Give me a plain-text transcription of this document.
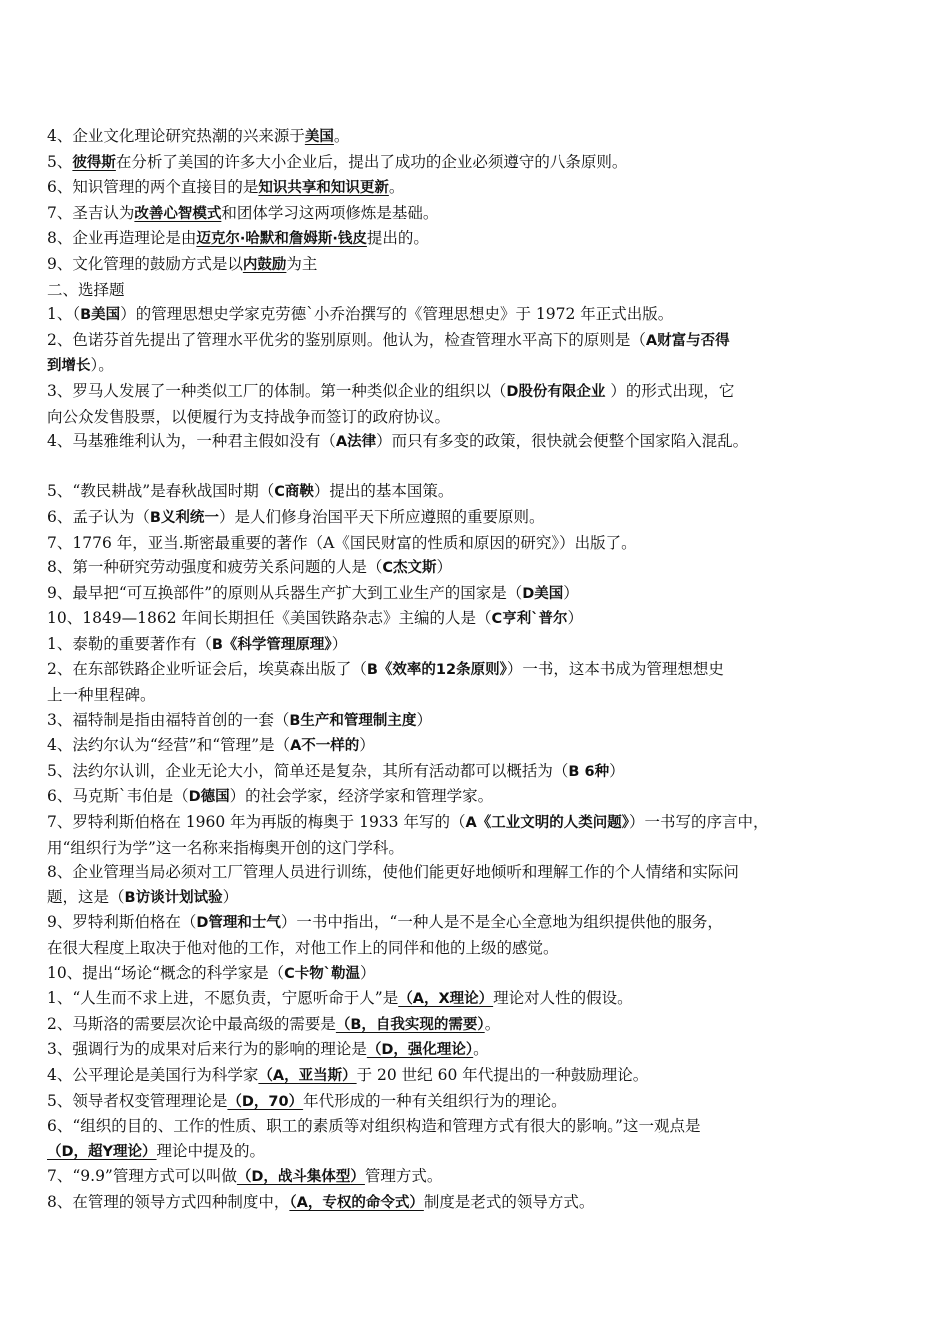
4、企业文化理论研究热潮的兴来源于美国。
5、彼得斯在分析了美国的许多大小企业后，提出了成功的企业必须遵守的八条原则。
6、知识管理的两个直接目的是知识共享和知识更新。
7、圣吉认为改善心智模式和团体学习这两项修炼是基础。
8、企业再造理论是由迈克尔·哈默和詹姆斯·钱皮提出的。
9、文化管理的鼓励方式是以内鼓励为主
二、选择题
1、（B美国）的管理思想史学家克劳德`小乔治撰写的《管理思想史》于 1972 年正式出版。
2、色诺芬首先提出了管理水平优劣的鉴别原则。他认为，检查管理水平高下的原则是（A财富与否得
到增长）。
3、罗马人发展了一种类似工厂的体制。第一种类似企业的组织以（D股份有限企业 ）的形式出现，它
向公众发售股票，以便履行为支持战争而签订的政府协议。
4、马基雅维利认为，一种君主假如没有（A法律）而只有多变的政策，很快就会便整个国家陷入混乱。
5、“教民耕战”是春秋战国时期（C商鞅）提出的基本国策。
6、孟子认为（B义利统一）是人们修身治国平天下所应遵照的重要原则。
7、1776 年，亚当.斯密最重要的著作（A《国民财富的性质和原因的研究》）出版了。
8、第一种研究劳动强度和疲劳关系问题的人是（C杰文斯）
9、最早把“可互换部件”的原则从兵器生产扩大到工业生产的国家是（D美国）
10、1849—1862 年间长期担任《美国铁路杂志》主编的人是（C亨利`普尔）
1、泰勒的重要著作有（B《科学管理原理》）
2、在东部铁路企业听证会后，埃莫森出版了（B《效率的12条原则》）一书，这本书成为管理想想史
上一种里程碑。
3、福特制是指由福特首创的一套（B生产和管理制主度）
4、法约尔认为“经营”和“管理”是（A不一样的）
5、法约尔认训，企业无论大小，简单还是复杂，其所有活动都可以概括为（B 6种）
6、马克斯`韦伯是（D德国）的社会学家，经济学家和管理学家。
7、罗特利斯伯格在 1960 年为再版的梅奥于 1933 年写的（A《工业文明的人类问题》）一书写的序言中，
用“组织行为学”这一名称来指梅奥开创的这门学科。
8、企业管理当局必须对工厂管理人员进行训练，使他们能更好地倾听和理解工作的个人情绪和实际问
题，这是（B访谈计划试验）
9、罗特利斯伯格在（D管理和士气）一书中指出，“一种人是不是全心全意地为组织提供他的服务，
在很大程度上取决于他对他的工作，对他工作上的同伴和他的上级的感觉。
10、提出“场论“概念的科学家是（C卡物`勒温）
1、“人生而不求上进，不愿负责，宁愿听命于人”是（A，X理论）理论对人性的假设。
2、马斯洛的需要层次论中最高级的需要是（B，自我实现的需要）。
3、强调行为的成果对后来行为的影响的理论是（D，强化理论）。
4、公平理论是美国行为科学家（A，亚当斯）于 20 世纪 60 年代提出的一种鼓励理论。
5、领导者权变管理理论是（D，70）年代形成的一种有关组织行为的理论。
6、“组织的目的、工作的性质、职工的素质等对组织构造和管理方式有很大的影响。”这一观点是
（D，超Y理论）理论中提及的。
7、“9.9”管理方式可以叫做（D，战斗集体型）管理方式。
8、在管理的领导方式四种制度中，（A，专权的命令式）制度是老式的领导方式。
